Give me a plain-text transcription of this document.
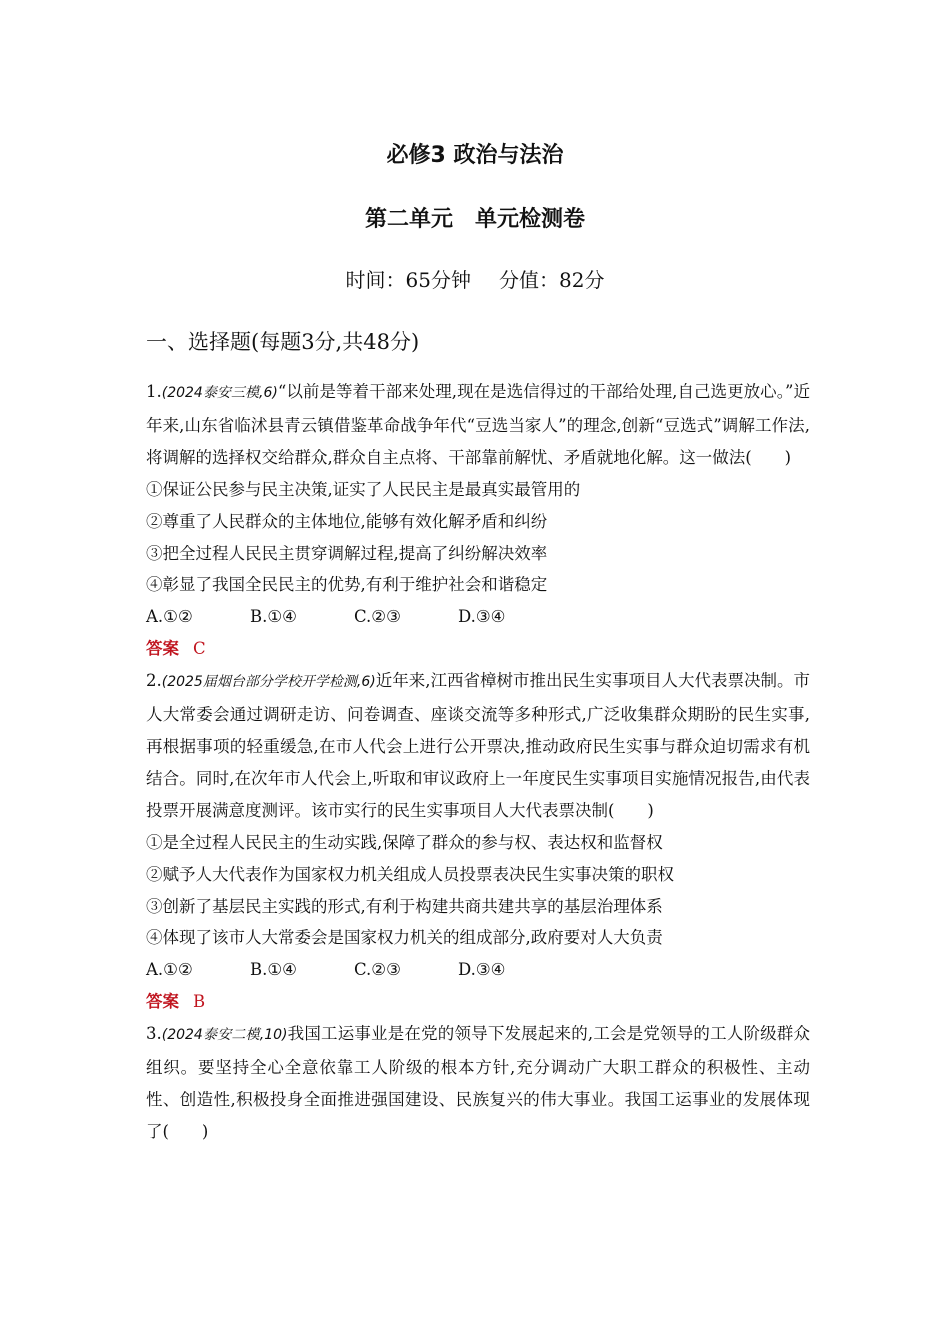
必修3 政治与法治
第二单元　单元检测卷
时间：65分钟 分值：82分
一、选择题(每题3分,共48分)

1.(2024泰安三模,6)“以前是等着干部来处理,现在是选信得过的干部给处理,自己选更放心。”近年来,山东省临沭县青云镇借鉴革命战争年代“豆选当家人”的理念,创新“豆选式”调解工作法,将调解的选择权交给群众,群众自主点将、干部靠前解忧、矛盾就地化解。这一做法(　　)

①保证公民参与民主决策,证实了人民民主是最真实最管用的

②尊重了人民群众的主体地位,能够有效化解矛盾和纠纷

③把全过程人民民主贯穿调解过程,提高了纠纷解决效率

④彰显了我国全民民主的优势,有利于维护社会和谐稳定

A.①②	B.①④	C.②③	D.③④

答案 C

2.(2025届烟台部分学校开学检测,6)近年来,江西省樟树市推出民生实事项目人大代表票决制。市人大常委会通过调研走访、问卷调查、座谈交流等多种形式,广泛收集群众期盼的民生实事,再根据事项的轻重缓急,在市人代会上进行公开票决,推动政府民生实事与群众迫切需求有机结合。同时,在次年市人代会上,听取和审议政府上一年度民生实事项目实施情况报告,由代表投票开展满意度测评。该市实行的民生实事项目人大代表票决制(　　)

①是全过程人民民主的生动实践,保障了群众的参与权、表达权和监督权

②赋予人大代表作为国家权力机关组成人员投票表决民生实事决策的职权

③创新了基层民主实践的形式,有利于构建共商共建共享的基层治理体系

④体现了该市人大常委会是国家权力机关的组成部分,政府要对人大负责

A.①②	B.①④	C.②③	D.③④

答案 B

3.(2024泰安二模,10)我国工运事业是在党的领导下发展起来的,工会是党领导的工人阶级群众组织。要坚持全心全意依靠工人阶级的根本方针,充分调动广大职工群众的积极性、主动性、创造性,积极投身全面推进强国建设、民族复兴的伟大事业。我国工运事业的发展体现了(　　)
